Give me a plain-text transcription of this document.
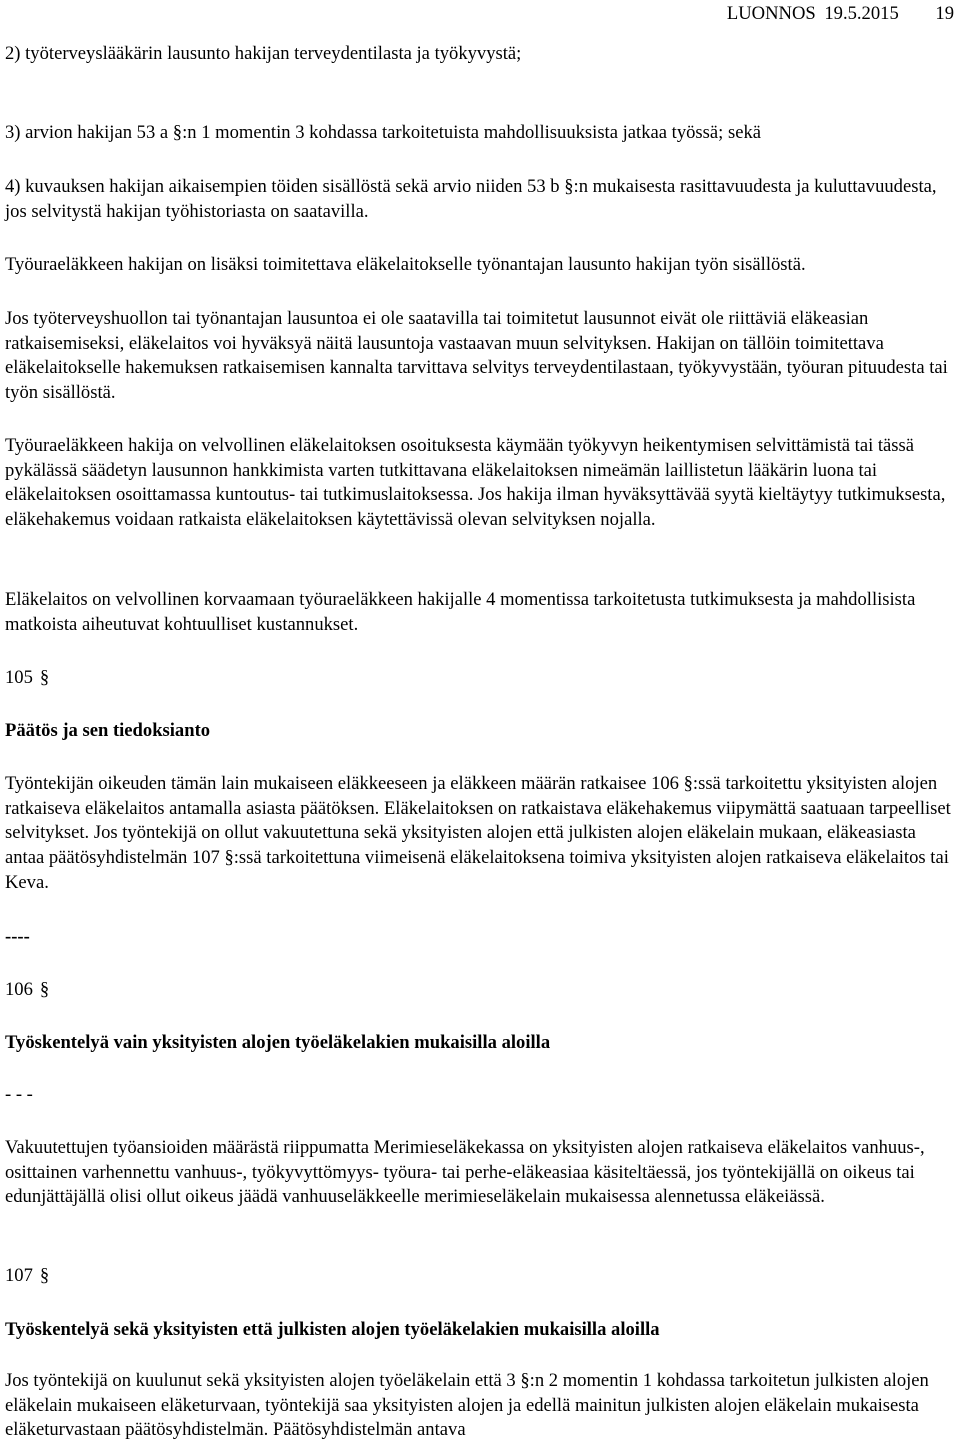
LUONNOS 19.5.2015 19

2) työterveyslääkärin lausunto hakijan terveydentilasta ja työkyvystä;

3) arvion hakijan 53 a §:n 1 momentin 3 kohdassa tarkoitetuista mahdollisuuksista jatkaa työssä; sekä

4) kuvauksen hakijan aikaisempien töiden sisällöstä sekä arvio niiden 53 b §:n mukaisesta rasittavuudesta ja kuluttavuudesta, jos selvitystä hakijan työhistoriasta on saatavilla.

Työuraeläkkeen hakijan on lisäksi toimitettava eläkelaitokselle työnantajan lausunto hakijan työn sisällöstä.

Jos työterveyshuollon tai työnantajan lausuntoa ei ole saatavilla tai toimitetut lausunnot eivät ole riittäviä eläkeasian ratkaisemiseksi, eläkelaitos voi hyväksyä näitä lausuntoja vastaavan muun selvityksen. Hakijan on tällöin toimitettava eläkelaitokselle hakemuksen ratkaisemisen kannalta tarvittava selvitys terveydentilastaan, työkyvystään, työuran pituudesta tai työn sisällöstä.

Työuraeläkkeen hakija on velvollinen eläkelaitoksen osoituksesta käymään työkyvyn heikentymisen selvittämistä tai tässä pykälässä säädetyn lausunnon hankkimista varten tutkittavana eläkelaitoksen nimeämän laillistetun lääkärin luona tai eläkelaitoksen osoittamassa kuntoutus- tai tutkimuslaitoksessa. Jos hakija ilman hyväksyttävää syytä kieltäytyy tutkimuksesta, eläkehakemus voidaan ratkaista eläkelaitoksen käytettävissä olevan selvityksen nojalla.

Eläkelaitos on velvollinen korvaamaan työuraeläkkeen hakijalle 4 momentissa tarkoitetusta tutkimuksesta ja mahdollisista matkoista aiheutuvat kohtuulliset kustannukset.

105 §

Päätös ja sen tiedoksianto

Työntekijän oikeuden tämän lain mukaiseen eläkkeeseen ja eläkkeen määrän ratkaisee 106 §:ssä tarkoitettu yksityisten alojen ratkaiseva eläkelaitos antamalla asiasta päätöksen. Eläkelaitoksen on ratkaistava eläkehakemus viipymättä saatuaan tarpeelliset selvitykset. Jos työntekijä on ollut vakuutettuna sekä yksityisten alojen että julkisten alojen eläkelain mukaan, eläkeasiasta antaa päätösyhdistelmän 107 §:ssä tarkoitettuna viimeisenä eläkelaitoksena toimiva yksityisten alojen ratkaiseva eläkelaitos tai Keva.

----

106 §

Työskentelyä vain yksityisten alojen työeläkelakien mukaisilla aloilla

- - -

Vakuutettujen työansioiden määrästä riippumatta Merimieseläkekassa on yksityisten alojen ratkaiseva eläkelaitos vanhuus-, osittainen varhennettu vanhuus-, työkyvyttömyys- työura- tai perhe-eläkeasiaa käsiteltäessä, jos työntekijällä on oikeus tai edunjättäjällä olisi ollut oikeus jäädä vanhuuseläkkeelle merimieseläkelain mukaisessa alennetussa eläkeiässä.

107 §

Työskentelyä sekä yksityisten että julkisten alojen työeläkelakien mukaisilla aloilla

Jos työntekijä on kuulunut sekä yksityisten alojen työeläkelain että 3 §:n 2 momentin 1 kohdassa tarkoitetun julkisten alojen eläkelain mukaiseen eläketurvaan, työntekijä saa yksityisten alojen ja edellä mainitun julkisten alojen eläkelain mukaisesta eläketurvastaan päätösyhdistelmän. Päätösyhdistelmän antava
